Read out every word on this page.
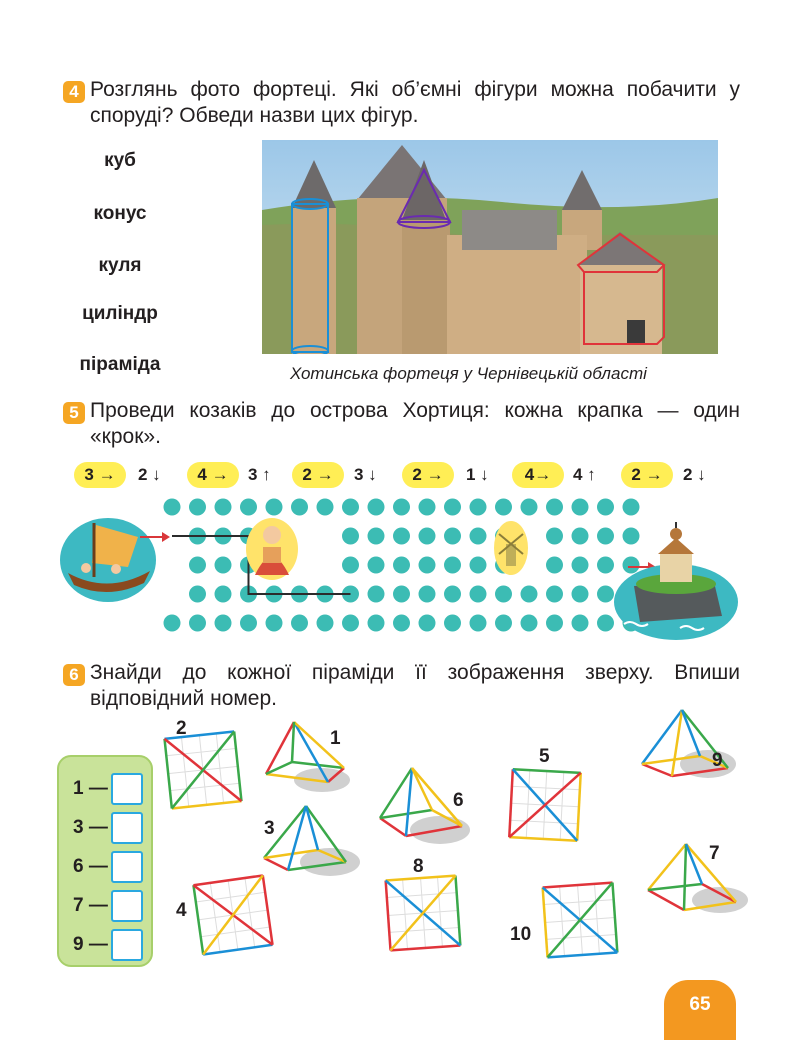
4 Розглянь фото фортеці. Які об’ємні фігури можна побачити у споруді? Обведи назви цих фігур.
куб
конус
куля
циліндр
піраміда	Хотинська фортеця у Чернівецькій області
5 Проведи козаків до острова Хортиця: кожна крапка — один «крок».
3 →	2 ↓	4 →	3 ↑	2 →	3 ↓	2 →	1 ↓	4→	4 ↑	2 →	2 ↓
6 Знайди до кожної піраміди її зображення зверху. Впиши відповідний номер.
1 —
3 —
6 —
7 —
9 —
2	1
6
5	9
3
8
7
4
10
65
